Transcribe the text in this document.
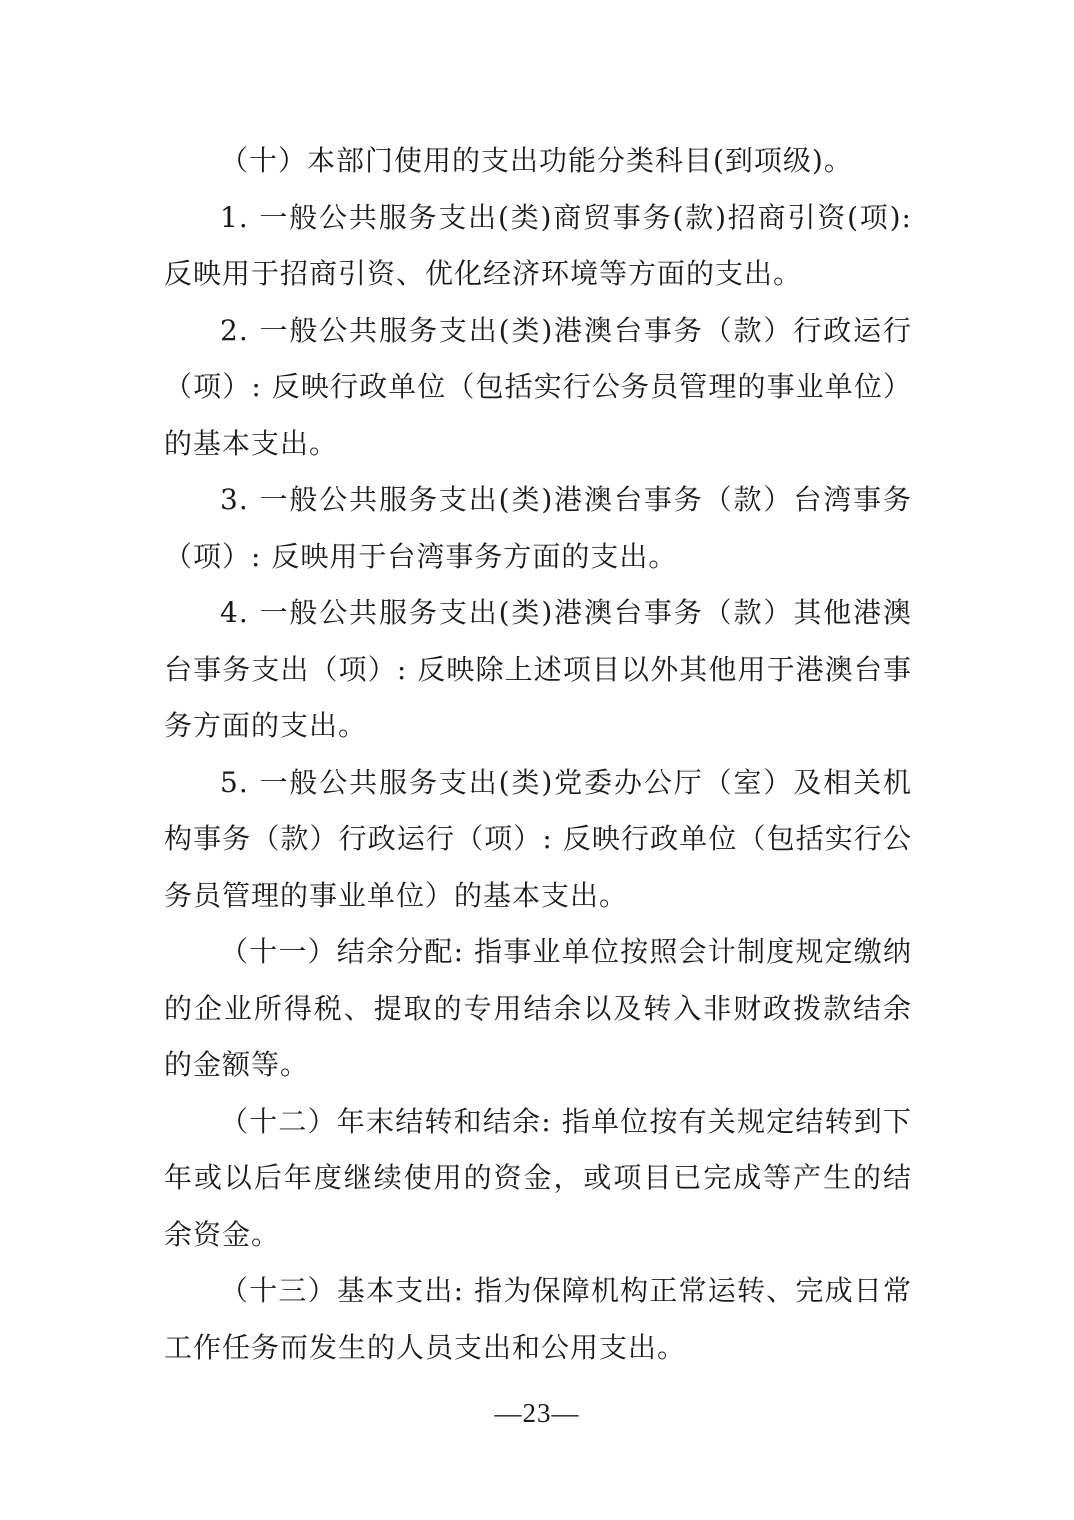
（十）本部门使用的支出功能分类科目(到项级)。

1. 一般公共服务支出(类)商贸事务(款)招商引资(项): 反映用于招商引资、优化经济环境等方面的支出。

2. 一般公共服务支出(类)港澳台事务（款）行政运行（项）: 反映行政单位（包括实行公务员管理的事业单位）的基本支出。

3. 一般公共服务支出(类)港澳台事务（款）台湾事务（项）: 反映用于台湾事务方面的支出。

4. 一般公共服务支出(类)港澳台事务（款）其他港澳台事务支出（项）: 反映除上述项目以外其他用于港澳台事务方面的支出。

5. 一般公共服务支出(类)党委办公厅（室）及相关机构事务（款）行政运行（项）: 反映行政单位（包括实行公务员管理的事业单位）的基本支出。

（十一）结余分配: 指事业单位按照会计制度规定缴纳的企业所得税、提取的专用结余以及转入非财政拨款结余的金额等。

（十二）年末结转和结余: 指单位按有关规定结转到下年或以后年度继续使用的资金，或项目已完成等产生的结余资金。

（十三）基本支出: 指为保障机构正常运转、完成日常工作任务而发生的人员支出和公用支出。

—23—
